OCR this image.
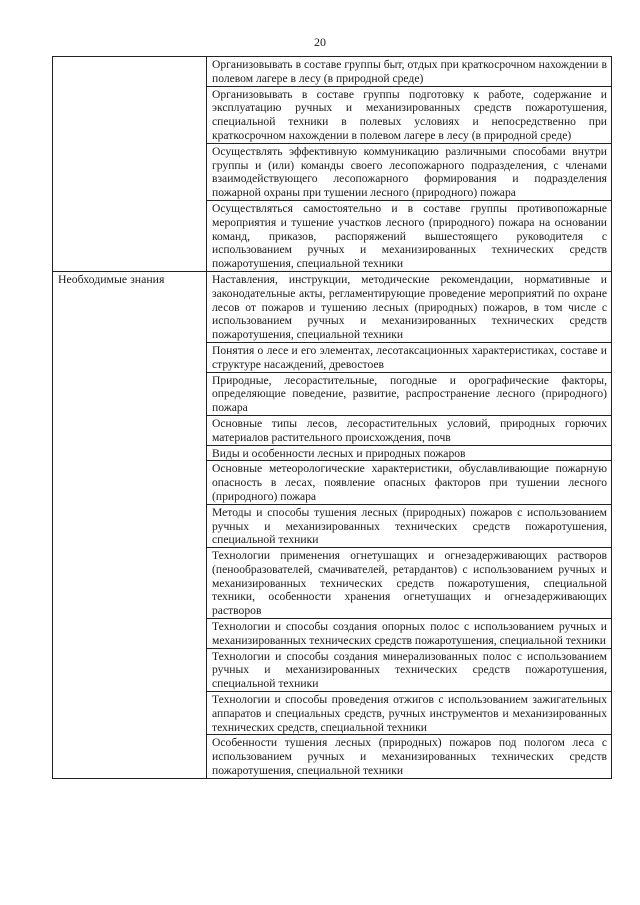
20
	Организовывать в составе группы быт, отдых при краткосрочном нахождении в полевом лагере в лесу (в природной среде)
	Организовывать в составе группы подготовку к работе, содержание и эксплуатацию ручных и механизированных средств пожаротушения, специальной техники в полевых условиях и непосредственно при краткосрочном нахождении в полевом лагере в лесу (в природной среде)
	Осуществлять эффективную коммуникацию различными способами внутри группы и (или) команды своего лесопожарного подразделения, с членами взаимодействующего лесопожарного формирования и подразделения пожарной охраны при тушении лесного (природного) пожара
	Осуществляться самостоятельно и в составе группы противопожарные мероприятия и тушение участков лесного (природного) пожара на основании команд, приказов, распоряжений вышестоящего руководителя с использованием ручных и механизированных технических средств пожаротушения, специальной техники
Необходимые знания	Наставления, инструкции, методические рекомендации, нормативные и законодательные акты, регламентирующие проведение мероприятий по охране лесов от пожаров и тушению лесных (природных) пожаров, в том числе с использованием ручных и механизированных технических средств пожаротушения, специальной техники
	Понятия о лесе и его элементах, лесотаксационных характеристиках, составе и структуре насаждений, древостоев
	Природные, лесорастительные, погодные и орографические факторы, определяющие поведение, развитие, распространение лесного (природного) пожара
	Основные типы лесов, лесорастительных условий, природных горючих материалов растительного происхождения, почв
	Виды и особенности лесных и природных пожаров
	Основные метеорологические характеристики, обуславливающие пожарную опасность в лесах, появление опасных факторов при тушении лесного (природного) пожара
	Методы и способы тушения лесных (природных) пожаров с использованием ручных и механизированных технических средств пожаротушения, специальной техники
	Технологии применения огнетушащих и огнезадерживающих растворов (пенообразователей, смачивателей, ретардантов) с использованием ручных и механизированных технических средств пожаротушения, специальной техники, особенности хранения огнетушащих и огнезадерживающих растворов
	Технологии и способы создания опорных полос с использованием ручных и механизированных технических средств пожаротушения, специальной техники
	Технологии и способы создания минерализованных полос с использованием ручных и механизированных технических средств пожаротушения, специальной техники
	Технологии и способы проведения отжигов с использованием зажигательных аппаратов и специальных средств, ручных инструментов и механизированных технических средств, специальной техники
	Особенности тушения лесных (природных) пожаров под пологом леса с использованием ручных и механизированных технических средств пожаротушения, специальной техники
